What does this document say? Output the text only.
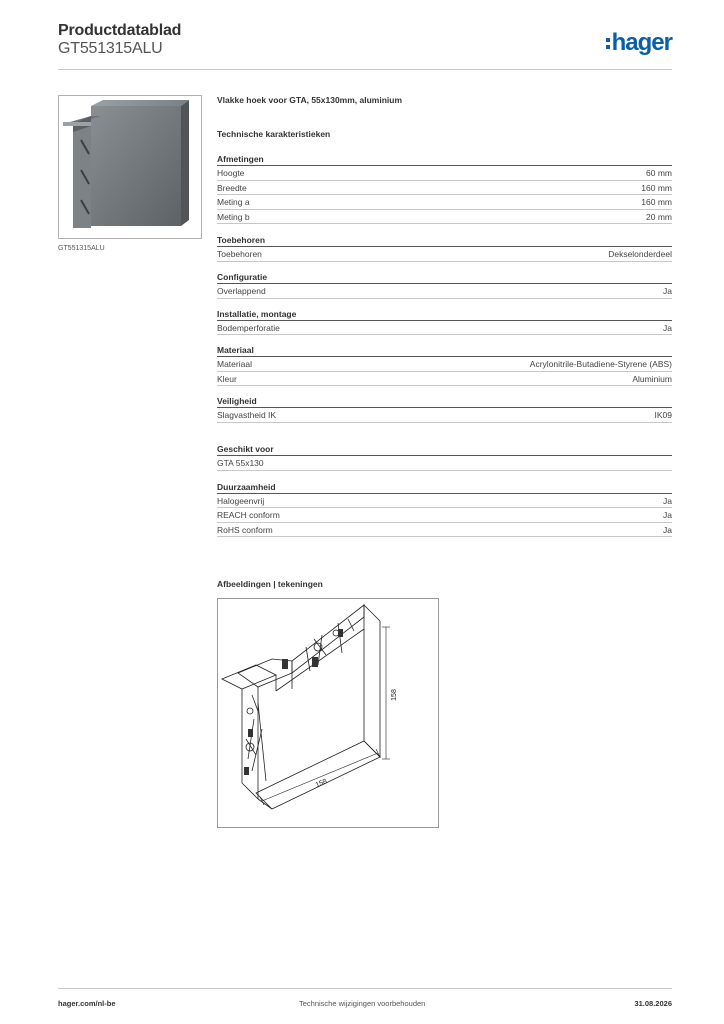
Productdatablad
GT551315ALU	hager
GT551315ALU
Vlakke hoek voor GTA, 55x130mm, aluminium
Technische karakteristieken
Afmetingen
Hoogte	60 mm
Breedte	160 mm
Meting a	160 mm
Meting b	20 mm
Toebehoren
Toebehoren	Dekselonderdeel
Configuratie
Overlappend	Ja
Installatie, montage
Bodemperforatie	Ja
Materiaal
Materiaal	Acrylonitrile-Butadiene-Styrene (ABS)
Kleur	Aluminium
Veiligheid
Slagvastheid IK	IK09
Geschikt voor
GTA 55x130
Duurzaamheid
Halogeenvrij	Ja
REACH conform	Ja
RoHS conform	Ja
Afbeeldingen | tekeningen
158
158
hager.com/nl-be	Technische wijzigingen voorbehouden	31.08.2026
